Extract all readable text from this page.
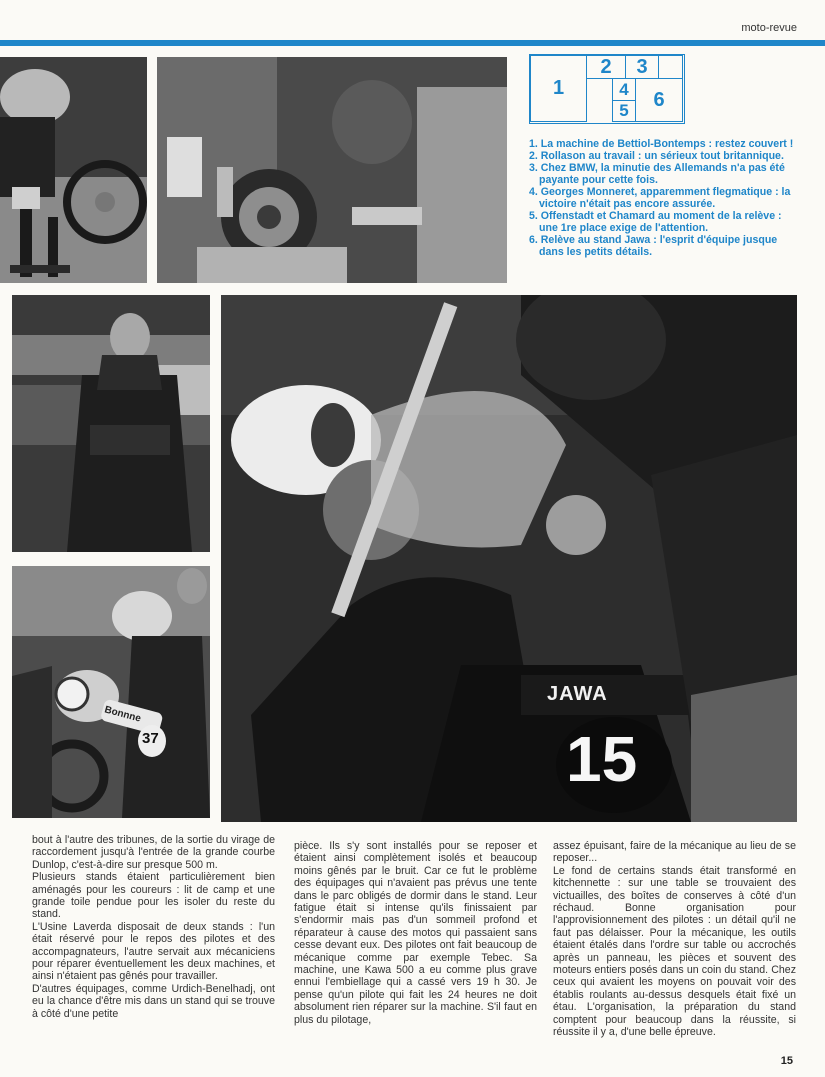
moto-revue
1
2	3
4
5	6
1. La machine de Bettiol-Bontemps : restez couvert !
2. Rollason au travail : un sérieux tout britannique.
3. Chez BMW, la minutie des Allemands n'a pas été payante pour cette fois.
4. Georges Monneret, apparemment flegmatique : la victoire n'était pas encore assurée.
5. Offenstadt et Chamard au moment de la relève : une 1re place exige de l'attention.
6. Relève au stand Jawa : l'esprit d'équipe jusque dans les petits détails.
Bonnne
37
JAWA
15

bout à l'autre des tribunes, de la sortie du virage de raccordement jusqu'à l'entrée de la grande courbe Dunlop, c'est-à-dire sur presque 500 m.

Plusieurs stands étaient particulièrement bien aménagés pour les coureurs : lit de camp et une grande toile pendue pour les isoler du reste du stand.

L'Usine Laverda disposait de deux stands : l'un était réservé pour le repos des pilotes et des accompagnateurs, l'autre servait aux mécaniciens pour réparer éventuellement les deux machines, et ainsi n'étaient pas gênés pour travailler.

D'autres équipages, comme Urdich-Benelhadj, ont eu la chance d'être mis dans un stand qui se trouve à côté d'une petite

pièce. Ils s'y sont installés pour se reposer et étaient ainsi complètement isolés et beaucoup moins gênés par le bruit. Car ce fut le problème des équipages qui n'avaient pas prévus une tente dans le parc obligés de dormir dans le stand. Leur fatigue était si intense qu'ils finissaient par s'endormir mais pas d'un sommeil profond et réparateur à cause des motos qui passaient sans cesse devant eux. Des pilotes ont fait beaucoup de mécanique comme par exemple Tebec. Sa machine, une Kawa 500 a eu comme plus grave ennui l'embiellage qui a cassé vers 19 h 30. Je pense qu'un pilote qui fait les 24 heures ne doit absolument rien réparer sur la machine. S'il faut en plus du pilotage,

assez épuisant, faire de la mécanique au lieu de se reposer...

Le fond de certains stands était transformé en kitchennette : sur une table se trouvaient des victuailles, des boîtes de conserves à côté d'un réchaud. Bonne organisation pour l'approvisionnement des pilotes : un détail qu'il ne faut pas délaisser. Pour la mécanique, les outils étaient étalés dans l'ordre sur table ou accrochés après un panneau, les pièces et souvent des moteurs entiers posés dans un coin du stand. Chez ceux qui avaient les moyens on pouvait voir des établis roulants au-dessus desquels était fixé un étau. L'organisation, la préparation du stand comptent pour beaucoup dans la réussite, si réussite il y a, d'une belle épreuve.

15
